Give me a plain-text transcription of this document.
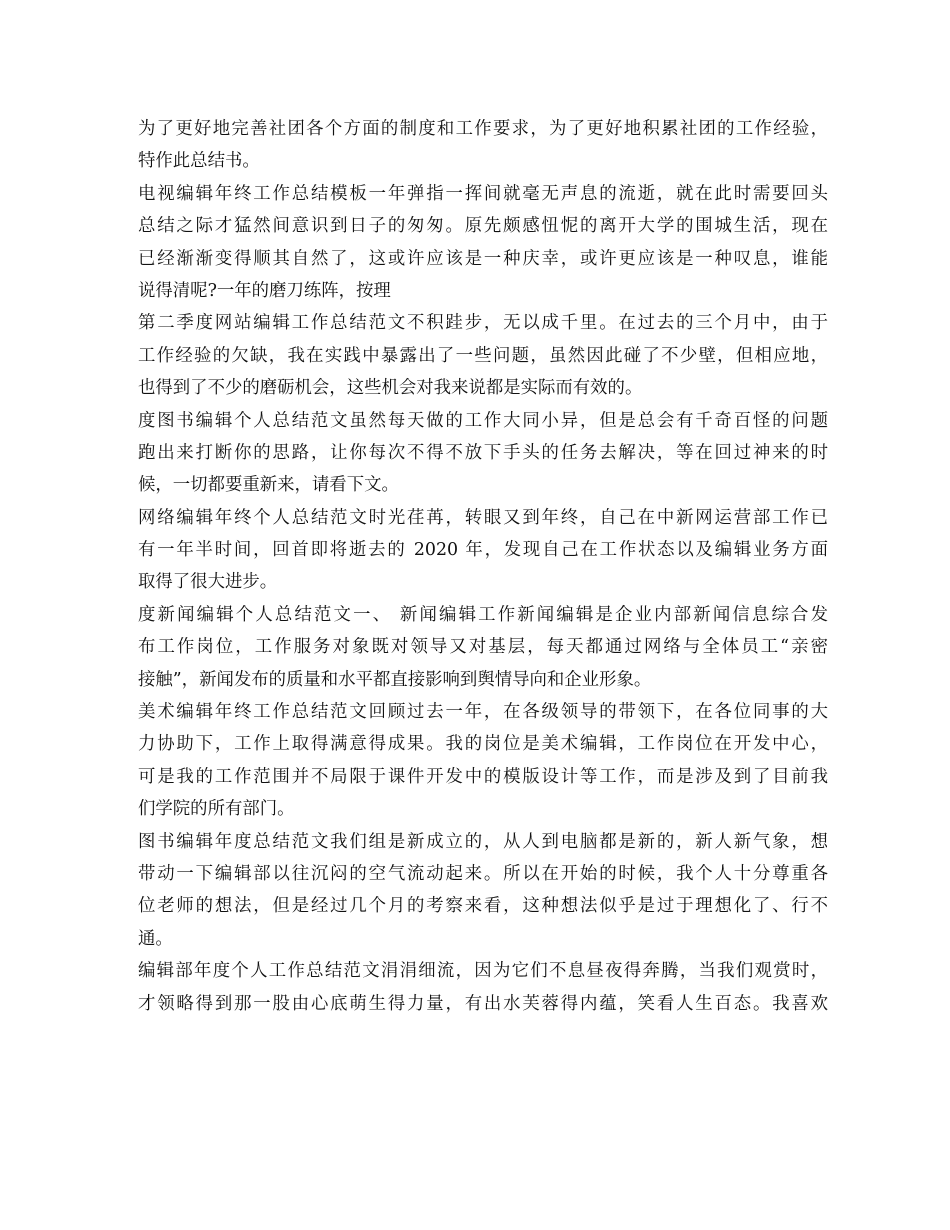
为了更好地完善社团各个方面的制度和工作要求，为了更好地积累社团的工作经验，
特作此总结书。
电视编辑年终工作总结模板一年弹指一挥间就毫无声息的流逝，就在此时需要回头
总结之际才猛然间意识到日子的匆匆。原先颇感忸怩的离开大学的围城生活，现在
已经渐渐变得顺其自然了，这或许应该是一种庆幸，或许更应该是一种叹息，谁能
说得清呢?一年的磨刀练阵，按理
第二季度网站编辑工作总结范文不积跬步，无以成千里。在过去的三个月中，由于
工作经验的欠缺，我在实践中暴露出了一些问题，虽然因此碰了不少壁，但相应地，
也得到了不少的磨砺机会，这些机会对我来说都是实际而有效的。
度图书编辑个人总结范文虽然每天做的工作大同小异，但是总会有千奇百怪的问题
跑出来打断你的思路，让你每次不得不放下手头的任务去解决，等在回过神来的时
候，一切都要重新来，请看下文。
网络编辑年终个人总结范文时光荏苒，转眼又到年终，自己在中新网运营部工作已
有一年半时间，回首即将逝去的 2020 年，发现自己在工作状态以及编辑业务方面
取得了很大进步。
度新闻编辑个人总结范文一、 新闻编辑工作新闻编辑是企业内部新闻信息综合发
布工作岗位，工作服务对象既对领导又对基层，每天都通过网络与全体员工“亲密
接触”，新闻发布的质量和水平都直接影响到舆情导向和企业形象。
美术编辑年终工作总结范文回顾过去一年，在各级领导的带领下，在各位同事的大
力协助下，工作上取得满意得成果。我的岗位是美术编辑，工作岗位在开发中心，
可是我的工作范围并不局限于课件开发中的模版设计等工作，而是涉及到了目前我
们学院的所有部门。
图书编辑年度总结范文我们组是新成立的，从人到电脑都是新的，新人新气象，想
带动一下编辑部以往沉闷的空气流动起来。所以在开始的时候，我个人十分尊重各
位老师的想法，但是经过几个月的考察来看，这种想法似乎是过于理想化了、行不
通。
编辑部年度个人工作总结范文涓涓细流，因为它们不息昼夜得奔腾，当我们观赏时，
才领略得到那一股由心底萌生得力量，有出水芙蓉得内蕴，笑看人生百态。我喜欢
